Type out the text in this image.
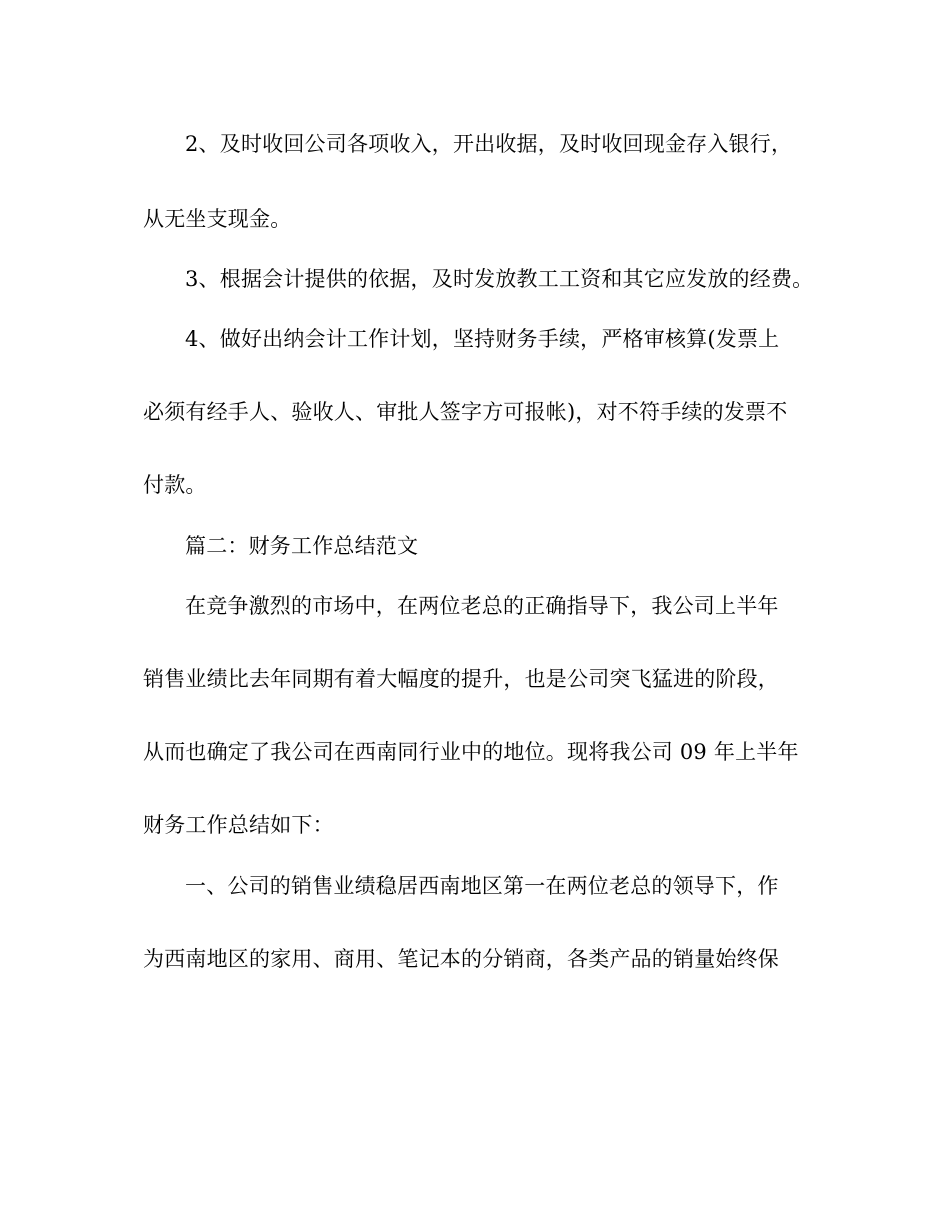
2、及时收回公司各项收入，开出收据，及时收回现金存入银行，
从无坐支现金。
3、根据会计提供的依据，及时发放教工工资和其它应发放的经费。
4、做好出纳会计工作计划，坚持财务手续，严格审核算(发票上
必须有经手人、验收人、审批人签字方可报帐)，对不符手续的发票不
付款。
篇二：财务工作总结范文
在竞争激烈的市场中，在两位老总的正确指导下，我公司上半年
销售业绩比去年同期有着大幅度的提升，也是公司突飞猛进的阶段，
从而也确定了我公司在西南同行业中的地位。现将我公司 09 年上半年
财务工作总结如下：
一、公司的销售业绩稳居西南地区第一在两位老总的领导下，作
为西南地区的家用、商用、笔记本的分销商，各类产品的销量始终保
